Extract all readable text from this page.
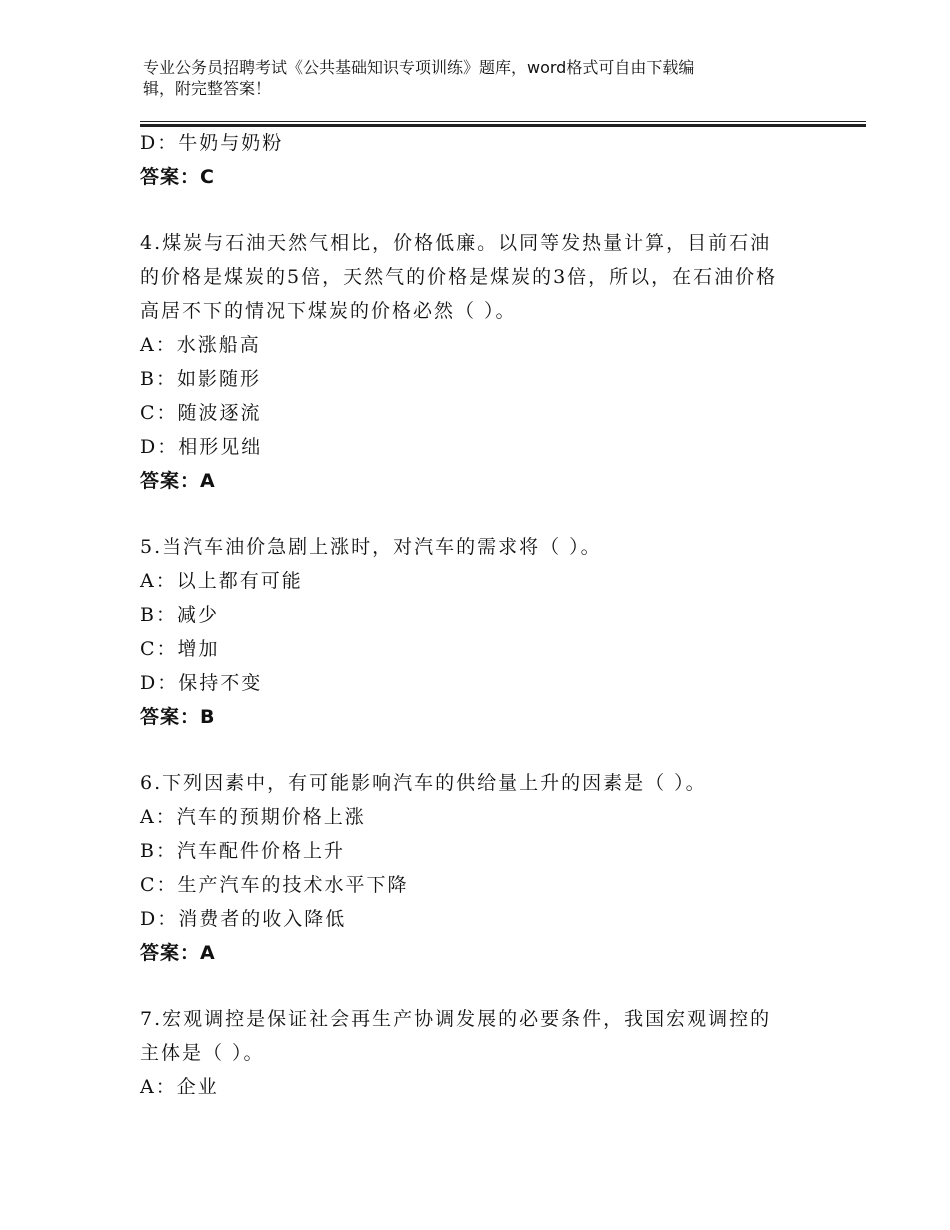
专业公务员招聘考试《公共基础知识专项训练》题库，word格式可自由下载编
辑，附完整答案！
D：牛奶与奶粉
答案：C
4.煤炭与石油天然气相比，价格低廉。以同等发热量计算，目前石油
的价格是煤炭的5倍，天然气的价格是煤炭的3倍，所以，在石油价格
高居不下的情况下煤炭的价格必然（ ）。
A：水涨船高
B：如影随形
C：随波逐流
D：相形见绌
答案：A
5.当汽车油价急剧上涨时，对汽车的需求将（ ）。
A：以上都有可能
B：减少
C：增加
D：保持不变
答案：B
6.下列因素中，有可能影响汽车的供给量上升的因素是（ ）。
A：汽车的预期价格上涨
B：汽车配件价格上升
C：生产汽车的技术水平下降
D：消费者的收入降低
答案：A
7.宏观调控是保证社会再生产协调发展的必要条件，我国宏观调控的
主体是（ ）。
A：企业
